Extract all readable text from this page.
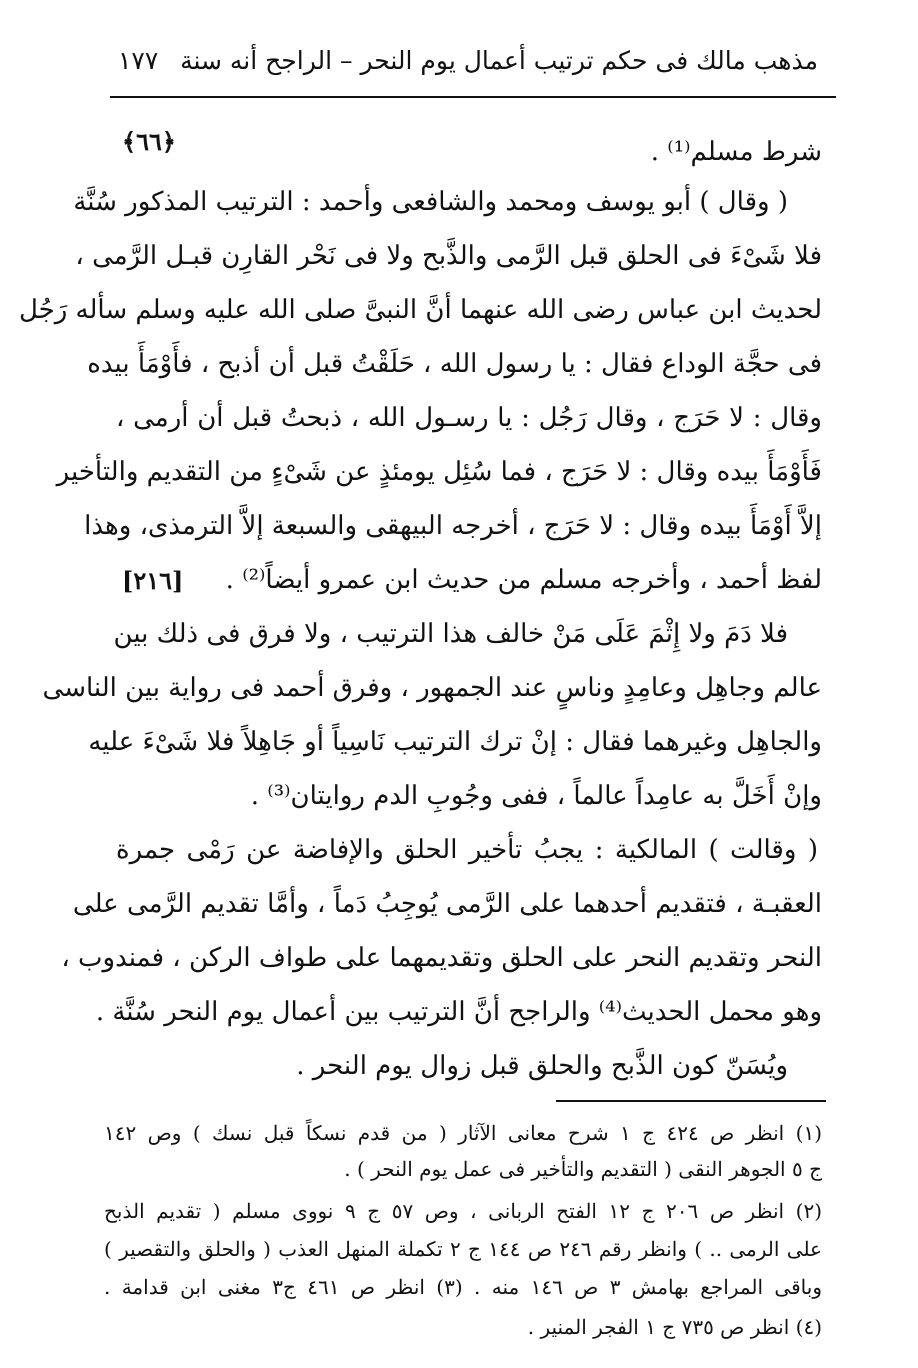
مذهب مالك فى حكم ترتيب أعمال يوم النحر – الراجح أنه سنة
١٧٧
﴿٦٦﴾
[٢١٦]
شرط مسلم⁽¹⁾ .
( وقال ) أبو يوسف ومحمد والشافعى وأحمد : الترتيب المذكور سُنَّة
فلا شَىْءَ فى الحلق قبل الرَّمى والذَّبح ولا فى نَحْر القارِن قبـل الرَّمى ،
لحديث ابن عباس رضى الله عنهما أنَّ النبىَّ صلى الله عليه وسلم سأله رَجُل
فى حجَّة الوداع فقال : يا رسول الله ، حَلَقْتُ قبل أن أذبح ، فأَوْمَأَ بيده
وقال : لا حَرَج ، وقال رَجُل : يا رسـول الله ، ذبحتُ قبل أن أرمى ،
فَأَوْمَأَ بيده وقال : لا حَرَج ، فما سُئِل يومئذٍ عن شَىْءٍ من التقديم والتأخير
إلاَّ أَوْمَأَ بيده وقال : لا حَرَج ، أخرجه البيهقى والسبعة إلاَّ الترمذى، وهذا
لفظ أحمد ، وأخرجه مسلم من حديث ابن عمرو أيضاً⁽²⁾ .
فلا دَمَ ولا إِثْمَ عَلَى مَنْ خالف هذا الترتيب ، ولا فرق فى ذلك بين
عالم وجاهِل وعامِدٍ وناسٍ عند الجمهور ، وفرق أحمد فى رواية بين الناسى
والجاهِل وغيرهما فقال : إنْ ترك الترتيب نَاسِياً أو جَاهِلاً فلا شَىْءَ عليه
وإنْ أَخَلَّ به عامِداً عالماً ، ففى وجُوبِ الدم روايتان⁽³⁾ .
( وقالت ) المالكية : يجبُ تأخير الحلق والإفاضة عن رَمْى جمرة
العقبـة ، فتقديم أحدهما على الرَّمى يُوجِبُ دَماً ، وأمَّا تقديم الرَّمى على
النحر وتقديم النحر على الحلق وتقديمهما على طواف الركن ، فمندوب ،
وهو محمل الحديث⁽⁴⁾ والراجح أنَّ الترتيب بين أعمال يوم النحر سُنَّة .
ويُسَنّ كون الذَّبح والحلق قبل زوال يوم النحر .
(١) انظر ص ٤٢٤ ج ١ شرح معانى الآثار ( من قدم نسكاً قبل نسك ) وص ١٤٢
ج ٥ الجوهر النقى ( التقديم والتأخير فى عمل يوم النحر ) .
(٢) انظر ص ٢٠٦ ج ١٢ الفتح الربانى ، وص ٥٧ ج ٩ نووى مسلم ( تقديم الذبح
على الرمى .. ) وانظر رقم ٢٤٦ ص ١٤٤ ج ٢ تكملة المنهل العذب ( والحلق والتقصير )
وباقى المراجع بهامش ٣ ص ١٤٦ منه . (٣) انظر ص ٤٦١ ج٣ مغنى ابن قدامة .
(٤) انظر ص ٧٣٥ ج ١ الفجر المنير .
